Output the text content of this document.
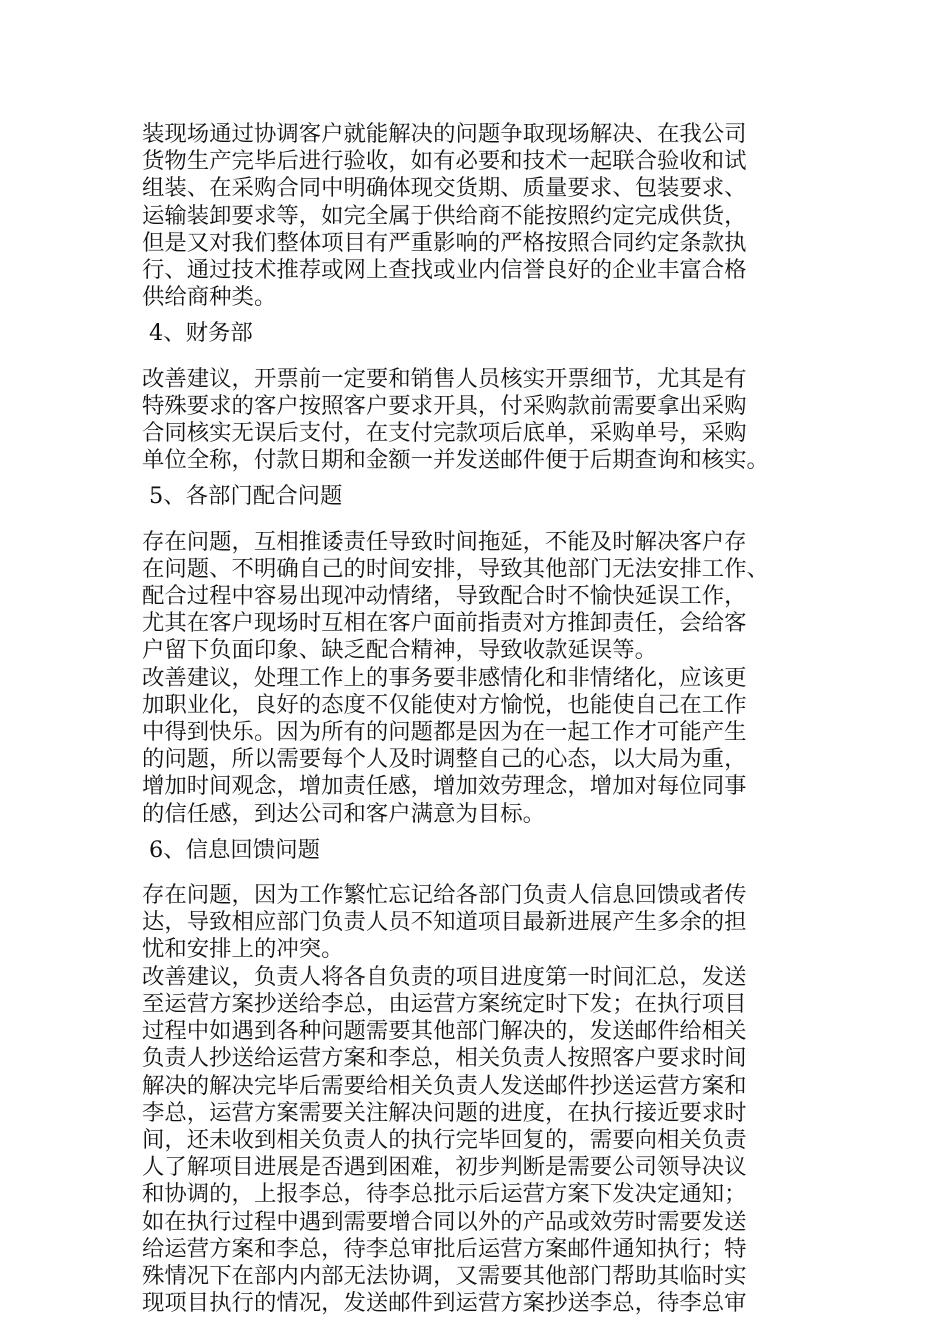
装现场通过协调客户就能解决的问题争取现场解决、在我公司
货物生产完毕后进行验收，如有必要和技术一起联合验收和试
组装、在采购合同中明确体现交货期、质量要求、包装要求、
运输装卸要求等，如完全属于供给商不能按照约定完成供货，
但是又对我们整体项目有严重影响的严格按照合同约定条款执
行、通过技术推荐或网上查找或业内信誉良好的企业丰富合格
供给商种类。
4、财务部
改善建议，开票前一定要和销售人员核实开票细节，尤其是有
特殊要求的客户按照客户要求开具，付采购款前需要拿出采购
合同核实无误后支付，在支付完款项后底单，采购单号，采购
单位全称，付款日期和金额一并发送邮件便于后期查询和核实。
5、各部门配合问题
存在问题，互相推诿责任导致时间拖延，不能及时解决客户存
在问题、不明确自己的时间安排，导致其他部门无法安排工作、
配合过程中容易出现冲动情绪，导致配合时不愉快延误工作，
尤其在客户现场时互相在客户面前指责对方推卸责任，会给客
户留下负面印象、缺乏配合精神，导致收款延误等。
改善建议，处理工作上的事务要非感情化和非情绪化，应该更
加职业化，良好的态度不仅能使对方愉悦，也能使自己在工作
中得到快乐。因为所有的问题都是因为在一起工作才可能产生
的问题，所以需要每个人及时调整自己的心态，以大局为重，
增加时间观念，增加责任感，增加效劳理念，增加对每位同事
的信任感，到达公司和客户满意为目标。
6、信息回馈问题
存在问题，因为工作繁忙忘记给各部门负责人信息回馈或者传
达，导致相应部门负责人员不知道项目最新进展产生多余的担
忧和安排上的冲突。
改善建议，负责人将各自负责的项目进度第一时间汇总，发送
至运营方案抄送给李总，由运营方案统定时下发；在执行项目
过程中如遇到各种问题需要其他部门解决的，发送邮件给相关
负责人抄送给运营方案和李总，相关负责人按照客户要求时间
解决的解决完毕后需要给相关负责人发送邮件抄送运营方案和
李总，运营方案需要关注解决问题的进度，在执行接近要求时
间，还未收到相关负责人的执行完毕回复的，需要向相关负责
人了解项目进展是否遇到困难，初步判断是需要公司领导决议
和协调的，上报李总，待李总批示后运营方案下发决定通知；
如在执行过程中遇到需要增合同以外的产品或效劳时需要发送
给运营方案和李总，待李总审批后运营方案邮件通知执行；特
殊情况下在部内内部无法协调，又需要其他部门帮助其临时实
现项目执行的情况，发送邮件到运营方案抄送李总，待李总审
